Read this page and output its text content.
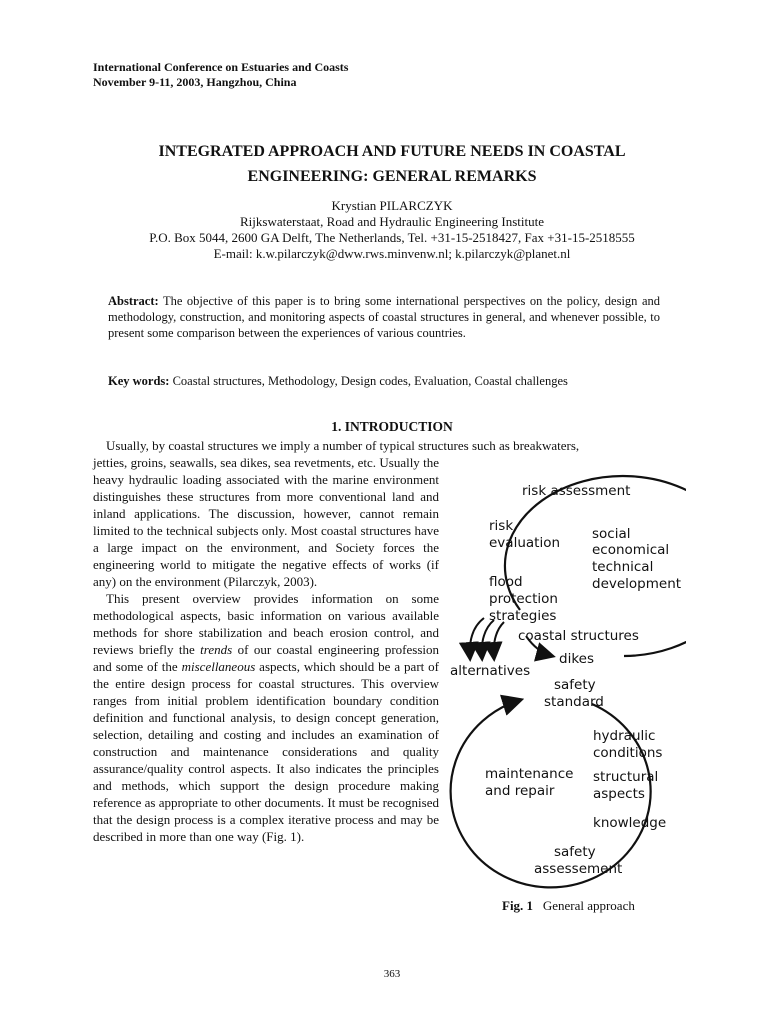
International Conference on Estuaries and Coasts
November 9-11, 2003, Hangzhou, China
INTEGRATED APPROACH AND FUTURE NEEDS IN COASTAL
ENGINEERING: GENERAL REMARKS
Krystian PILARCZYK
Rijkswaterstaat, Road and Hydraulic Engineering Institute
P.O. Box 5044, 2600 GA Delft, The Netherlands, Tel. +31-15-2518427, Fax +31-15-2518555
E-mail: k.w.pilarczyk@dww.rws.minvenw.nl; k.pilarczyk@planet.nl
Abstract: The objective of this paper is to bring some international perspectives on the policy, design and methodology, construction, and monitoring aspects of coastal structures in general, and whenever possible, to present some comparison between the experiences of various countries.
Key words: Coastal structures, Methodology, Design codes, Evaluation, Coastal challenges
1. INTRODUCTION
Usually, by coastal structures we imply a number of typical structures such as breakwaters,

jetties, groins, seawalls, sea dikes, sea revetments, etc. Usually the heavy hydraulic loading associated with the marine environment distinguishes these structures from more conventional land and inland applications. The discussion, however, cannot remain limited to the technical subjects only. Most coastal structures have a large impact on the environment, and Society forces the engineering world to mitigate the negative effects of works (if any) on the environment (Pilarczyk, 2003).

This present overview provides information on some methodological aspects, basic information on various available methods for shore stabilization and beach erosion control, and reviews briefly the trends of our coastal engineering profession and some of the miscellaneous aspects, which should be a part of the entire design process for coastal structures. This overview ranges from initial problem identification boundary condition definition and functional analysis, to design concept generation, selection, detailing and costing and includes an examination of construction and maintenance considerations and quality assurance/quality control aspects. It also indicates the principles and methods, which support the design procedure making reference as appropriate to other documents. It must be recognised that the design process is a complex iterative process and may be described in more than one way (Fig. 1).

risk assessment
risk
evaluation
social
economical
technical
development
flood
protection
strategies
coastal structures
dikes
alternatives
safety
standard
hydraulic
conditions
maintenance
and repair
structural
aspects
knowledge
safety
assessement
Fig. 1 General approach
363
